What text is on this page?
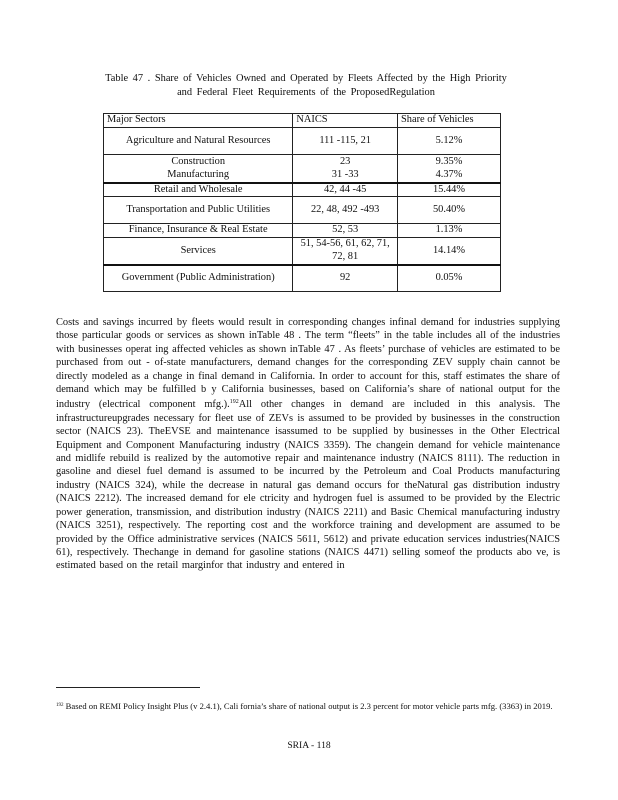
Table 47 . Share of Vehicles Owned and Operated by Fleets Affected by the High Priority
and Federal Fleet Requirements of the ProposedRegulation
Major Sectors	NAICS	Share of Vehicles
Agriculture and Natural Resources	111 -115, 21	5.12%
Construction	23	9.35%
Manufacturing	31 -33	4.37%
Retail and Wholesale	42, 44 -45	15.44%
Transportation and Public Utilities	22, 48, 492 -493	50.40%
Finance, Insurance & Real Estate	52, 53	1.13%
Services	51, 54-56, 61, 62, 71, 72, 81	14.14%
Government (Public Administration)	92	0.05%
Costs and savings incurred by fleets would result in corresponding changes infinal demand for industries supplying those particular goods or services as shown inTable 48 . The term “fleets” in the table includes all of the industries with businesses operat ing affected vehicles as shown inTable 47 . As fleets’ purchase of vehicles are estimated to be purchased from out - of-state manufacturers, demand changes for the corresponding ZEV supply chain cannot be directly modeled as a change in final demand in California. In order to account for this, staff estimates the share of demand which may be fulfilled b y California businesses, based on California’s share of national output for the industry (electrical component mfg.).$^{192}$All other changes in demand are included in this analysis. The infrastructureupgrades necessary for fleet use of ZEVs is assumed to be provided by businesses in the construction sector (NAICS 23). TheEVSE and maintenance isassumed to be supplied by businesses in the Other Electrical Equipment and Component Manufacturing industry (NAICS 3359). The changein demand for vehicle maintenance and midlife rebuild is realized by the automotive repair and maintenance industry (NAICS 8111). The reduction in gasoline and diesel fuel demand is assumed to be incurred by the Petroleum and Coal Products manufacturing industry (NAICS 324), while the decrease in natural gas demand occurs for theNatural gas distribution industry (NAICS 2212). The increased demand for ele ctricity and hydrogen fuel is assumed to be provided by the Electric power generation, transmission, and distribution industry (NAICS 2211) and Basic Chemical manufacturing industry (NAICS 3251), respectively. The reporting cost and the workforce training and development are assumed to be provided by the Office administrative services (NAICS 5611, 5612) and private education services industries(NAICS 61), respectively. Thechange in demand for gasoline stations (NAICS 4471) selling someof the products abo ve, is estimated based on the retail marginfor that industry and entered in
$^{192}$ Based on REMI Policy Insight Plus (v 2.4.1), Cali fornia’s share of national output is 2.3 percent for motor vehicle parts mfg. (3363) in 2019.
SRIA - 118
